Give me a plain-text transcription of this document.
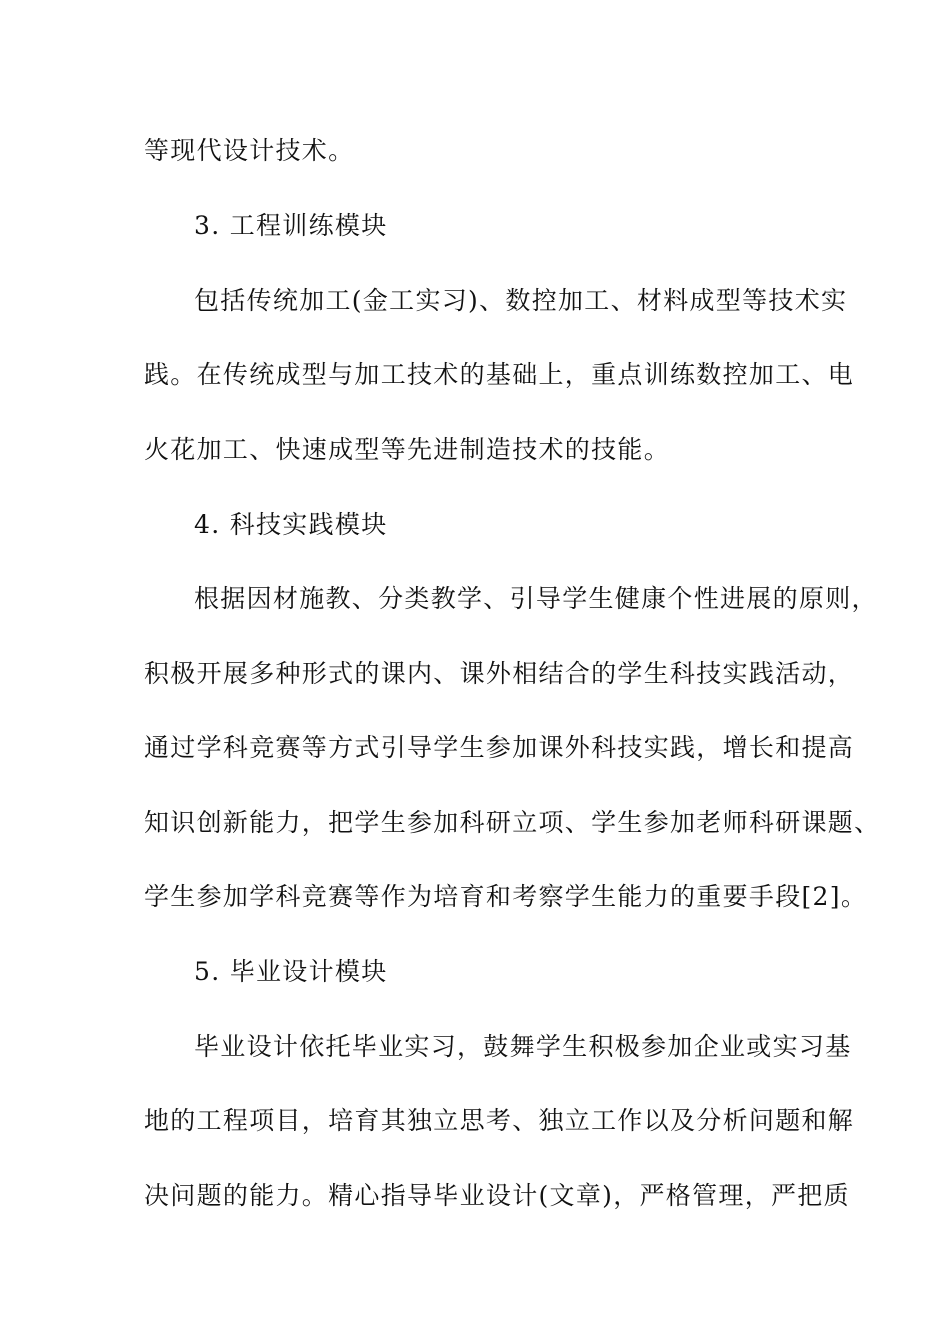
等现代设计技术。
3. 工程训练模块
包括传统加工(金工实习)、数控加工、材料成型等技术实
践。在传统成型与加工技术的基础上，重点训练数控加工、电
火花加工、快速成型等先进制造技术的技能。
4. 科技实践模块
根据因材施教、分类教学、引导学生健康个性进展的原则，
积极开展多种形式的课内、课外相结合的学生科技实践活动，
通过学科竞赛等方式引导学生参加课外科技实践，增长和提高
知识创新能力，把学生参加科研立项、学生参加老师科研课题、
学生参加学科竞赛等作为培育和考察学生能力的重要手段[2]。
5. 毕业设计模块
毕业设计依托毕业实习，鼓舞学生积极参加企业或实习基
地的工程项目，培育其独立思考、独立工作以及分析问题和解
决问题的能力。精心指导毕业设计(文章)，严格管理，严把质
